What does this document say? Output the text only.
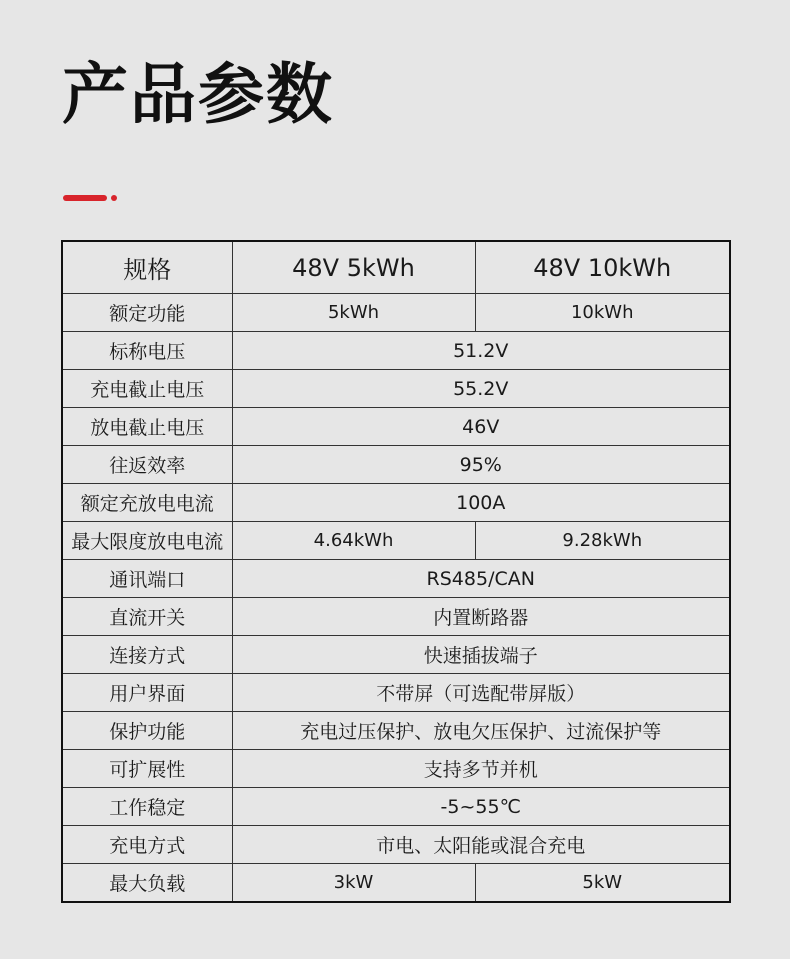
产品参数
规格	48V 5kWh	48V 10kWh
额定功能	5kWh	10kWh
标称电压	51.2V	
充电截止电压	55.2V	
放电截止电压	46V	
往返效率	95%	
额定充放电电流	100A	
最大限度放电电流	4.64kWh	9.28kWh
通讯端口	RS485/CAN	
直流开关	内置断路器	
连接方式	快速插拔端子	
用户界面	不带屏（可选配带屏版）	
保护功能	充电过压保护、放电欠压保护、过流保护等	
可扩展性	支持多节并机	
工作稳定	-5~55℃	
充电方式	市电、太阳能或混合充电	
最大负载	3kW	5kW
